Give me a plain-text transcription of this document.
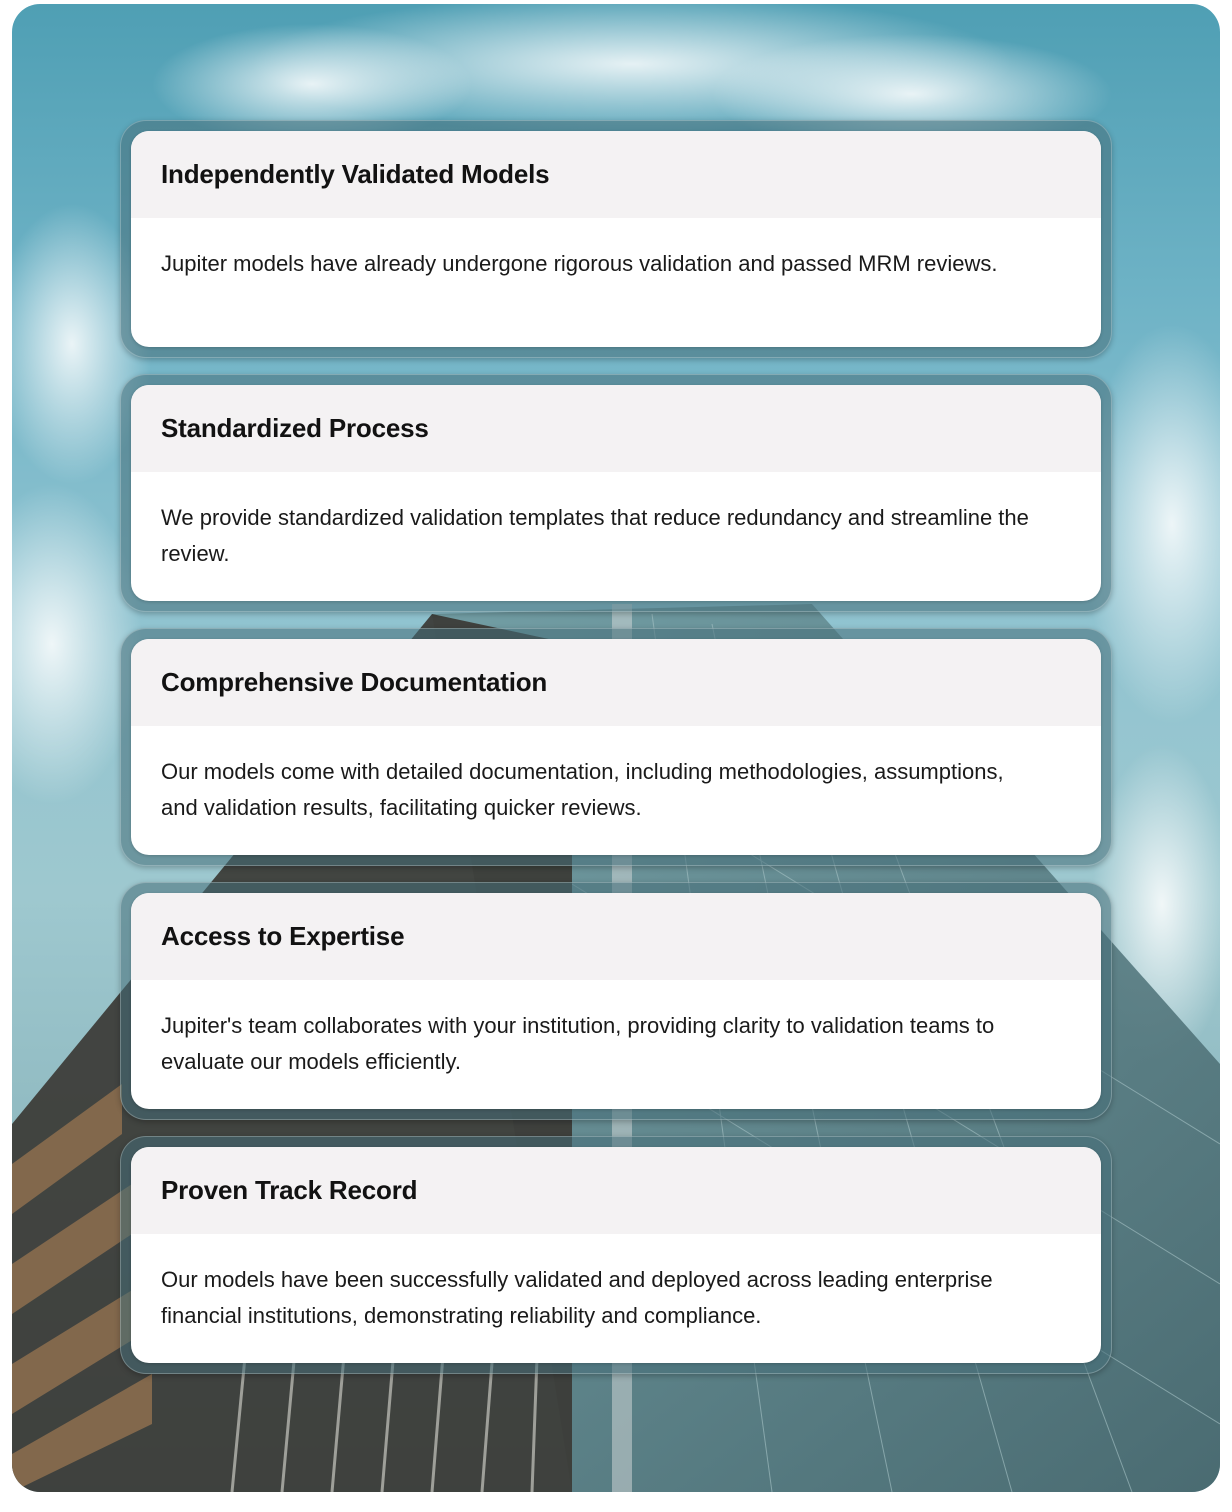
Independently Validated Models
Jupiter models have already undergone rigorous validation and passed MRM reviews.
Standardized Process
We provide standardized validation templates that reduce redundancy and streamline the review.
Comprehensive Documentation
Our models come with detailed documentation, including methodologies, assumptions, and validation results, facilitating quicker reviews.
Access to Expertise
Jupiter's team collaborates with your institution, providing clarity to validation teams to evaluate our models efficiently.
Proven Track Record
Our models have been successfully validated and deployed across leading enterprise financial institutions, demonstrating reliability and compliance.
